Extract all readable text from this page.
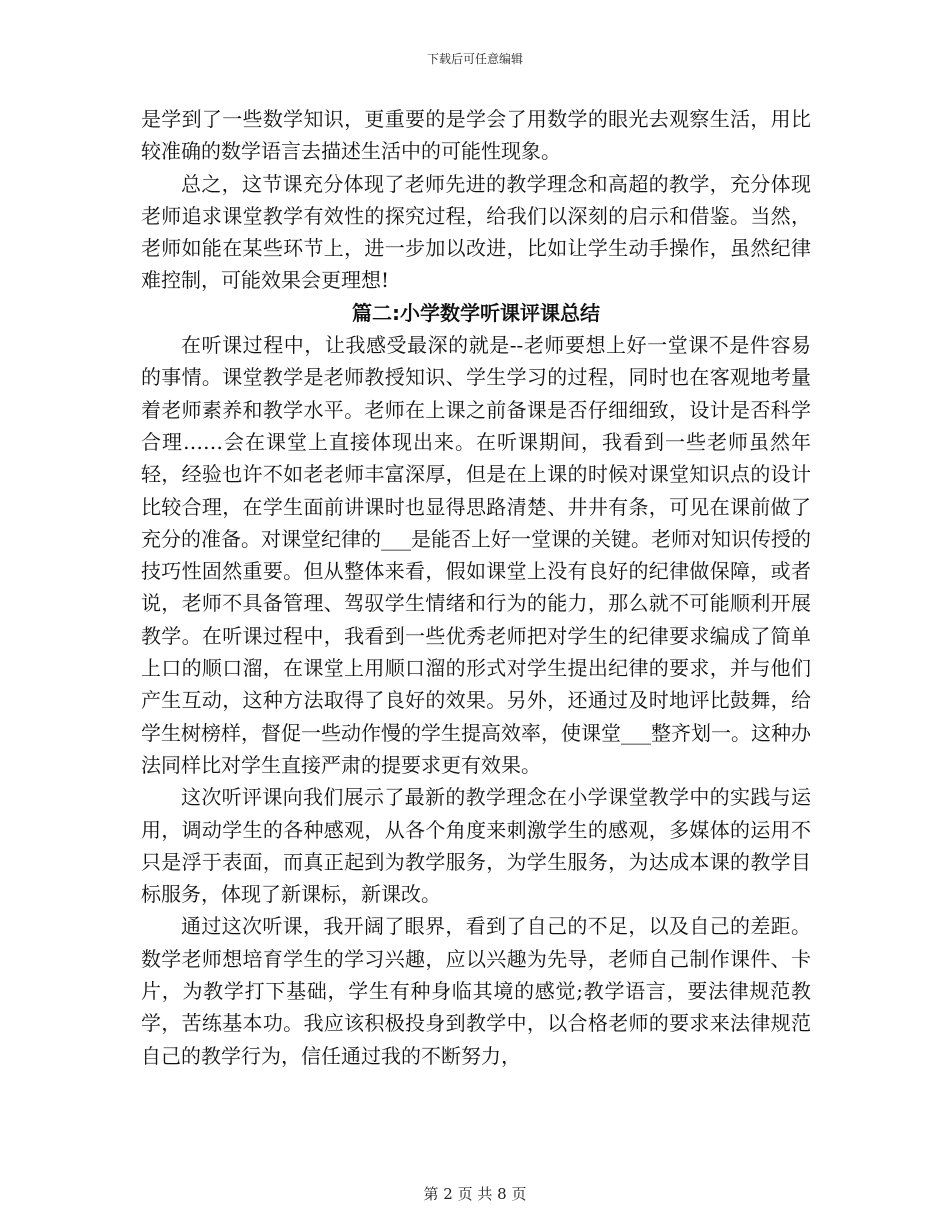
下载后可任意编辑

是学到了一些数学知识，更重要的是学会了用数学的眼光去观察生活，用比较准确的数学语言去描述生活中的可能性现象。

总之，这节课充分体现了老师先进的教学理念和高超的教学，充分体现老师追求课堂教学有效性的探究过程，给我们以深刻的启示和借鉴。当然，老师如能在某些环节上，进一步加以改进，比如让学生动手操作，虽然纪律难控制，可能效果会更理想!

篇二:小学数学听课评课总结

在听课过程中，让我感受最深的就是--老师要想上好一堂课不是件容易的事情。课堂教学是老师教授知识、学生学习的过程，同时也在客观地考量着老师素养和教学水平。老师在上课之前备课是否仔细细致，设计是否科学合理……会在课堂上直接体现出来。在听课期间，我看到一些老师虽然年轻，经验也许不如老老师丰富深厚，但是在上课的时候对课堂知识点的设计比较合理，在学生面前讲课时也显得思路清楚、井井有条，可见在课前做了充分的准备。对课堂纪律的___是能否上好一堂课的关键。老师对知识传授的技巧性固然重要。但从整体来看，假如课堂上没有良好的纪律做保障，或者说，老师不具备管理、驾驭学生情绪和行为的能力，那么就不可能顺利开展教学。在听课过程中，我看到一些优秀老师把对学生的纪律要求编成了简单上口的顺口溜，在课堂上用顺口溜的形式对学生提出纪律的要求，并与他们产生互动，这种方法取得了良好的效果。另外，还通过及时地评比鼓舞，给学生树榜样，督促一些动作慢的学生提高效率，使课堂___整齐划一。这种办法同样比对学生直接严肃的提要求更有效果。

这次听评课向我们展示了最新的教学理念在小学课堂教学中的实践与运用，调动学生的各种感观，从各个角度来刺激学生的感观，多媒体的运用不只是浮于表面，而真正起到为教学服务，为学生服务，为达成本课的教学目标服务，体现了新课标，新课改。

通过这次听课，我开阔了眼界，看到了自己的不足，以及自己的差距。数学老师想培育学生的学习兴趣，应以兴趣为先导，老师自己制作课件、卡片，为教学打下基础，学生有种身临其境的感觉;教学语言，要法律规范教学，苦练基本功。我应该积极投身到教学中，以合格老师的要求来法律规范自己的教学行为，信任通过我的不断努力，

第 2 页 共 8 页
